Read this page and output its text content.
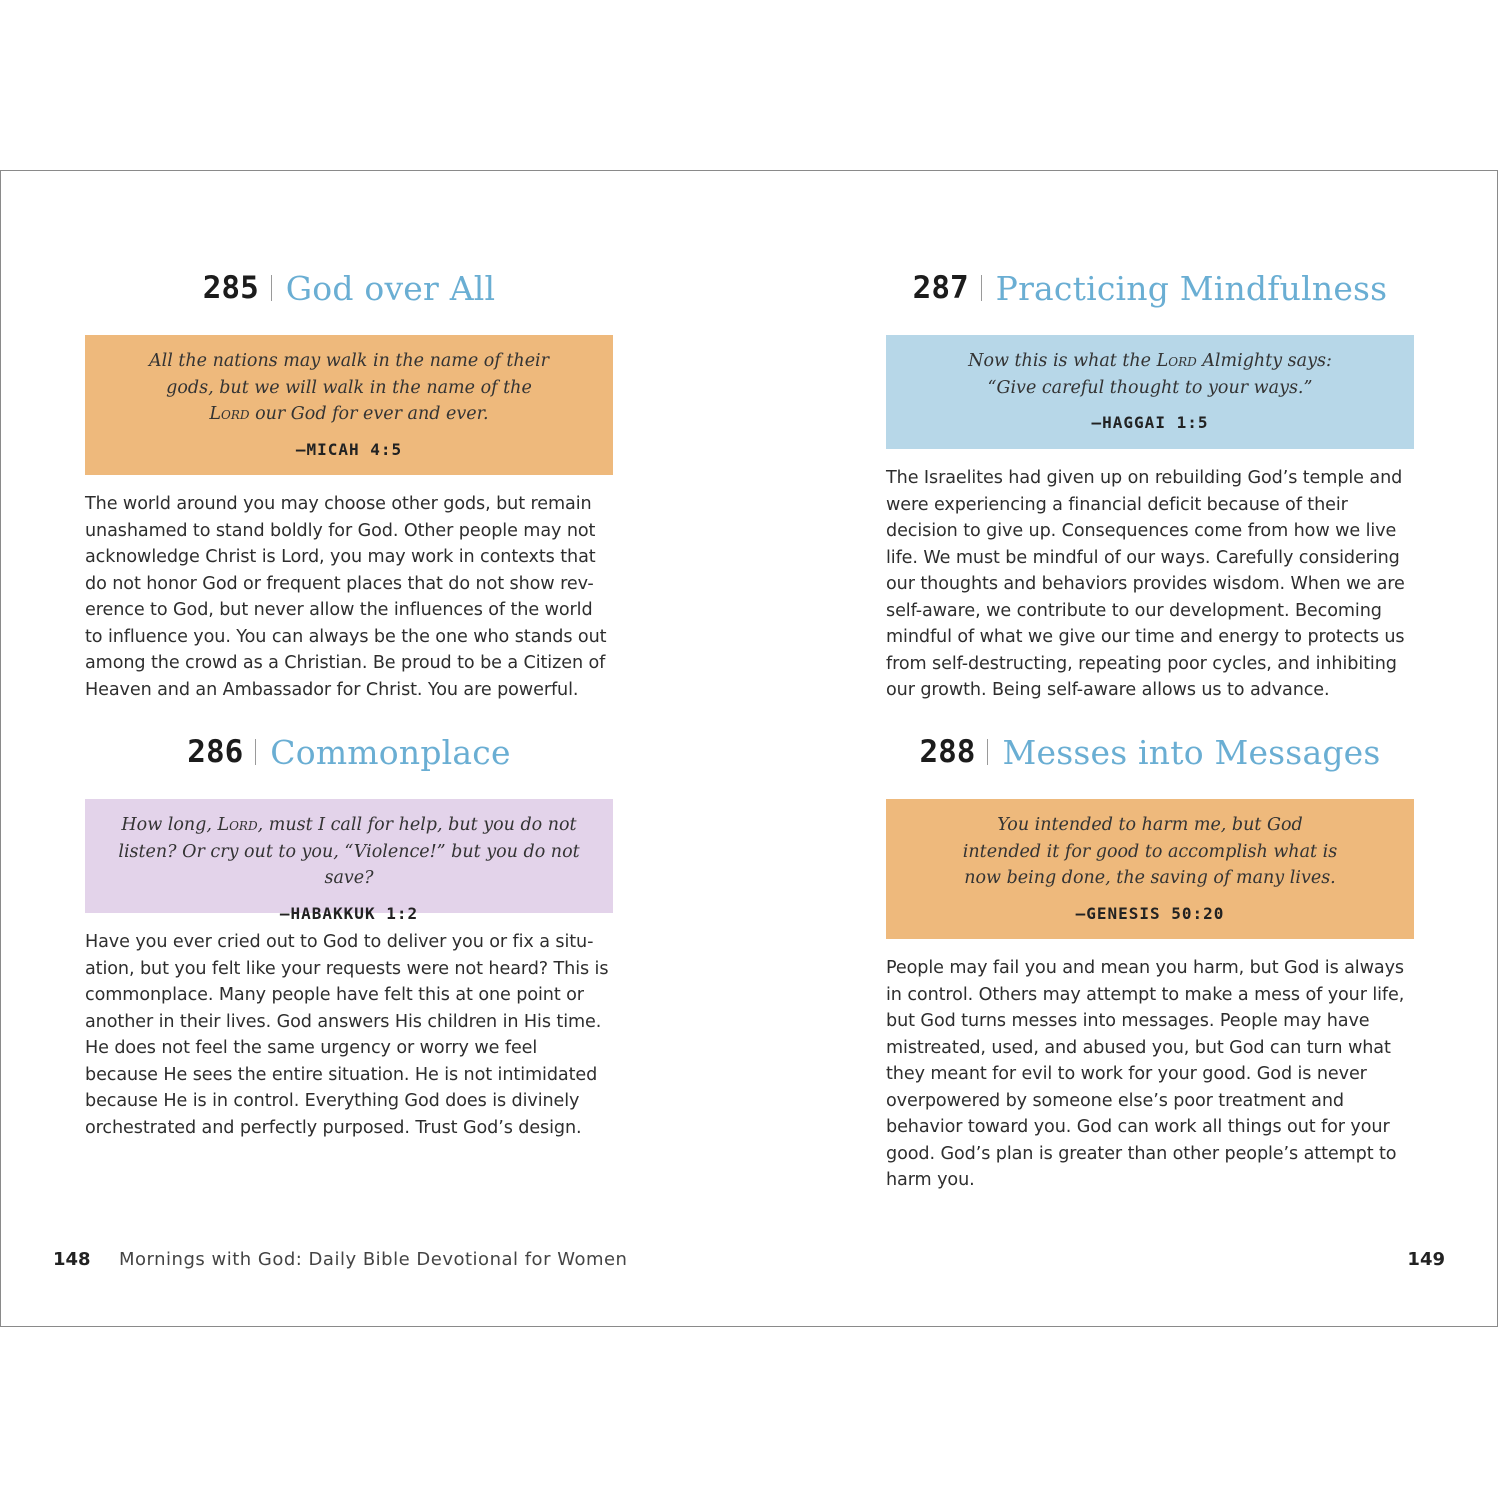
285 God over All
All the nations may walk in the name of their gods, but we will walk in the name of the Lord our God for ever and ever.
—MICAH 4:5
The world around you may choose other gods, but remain unashamed to stand boldly for God. Other people may not acknowledge Christ is Lord, you may work in contexts that do not honor God or frequent places that do not show rev-erence to God, but never allow the influences of the world to influence you. You can always be the one who stands out among the crowd as a Christian. Be proud to be a Citizen of Heaven and an Ambassador for Christ. You are powerful.
286 Commonplace
How long, Lord, must I call for help, but you do not listen? Or cry out to you, “Violence!” but you do not save?
—HABAKKUK 1:2
Have you ever cried out to God to deliver you or fix a situ-ation, but you felt like your requests were not heard? This is commonplace. Many people have felt this at one point or another in their lives. God answers His children in His time. He does not feel the same urgency or worry we feel because He sees the entire situation. He is not intimidated because He is in control. Everything God does is divinely orchestrated and perfectly purposed. Trust God’s design.
287 Practicing Mindfulness
Now this is what the Lord Almighty says: “Give careful thought to your ways.”
—HAGGAI 1:5
The Israelites had given up on rebuilding God’s temple and were experiencing a financial deficit because of their decision to give up. Consequences come from how we live life. We must be mindful of our ways. Carefully considering our thoughts and behaviors provides wisdom. When we are self-aware, we contribute to our development. Becoming mindful of what we give our time and energy to protects us from self-destructing, repeating poor cycles, and inhibiting our growth. Being self-aware allows us to advance.
288 Messes into Messages
You intended to harm me, but God intended it for good to accomplish what is now being done, the saving of many lives.
—GENESIS 50:20
People may fail you and mean you harm, but God is always in control. Others may attempt to make a mess of your life, but God turns messes into messages. People may have mistreated, used, and abused you, but God can turn what they meant for evil to work for your good. God is never overpowered by someone else’s poor treatment and behavior toward you. God can work all things out for your good. God’s plan is greater than other people’s attempt to harm you.
148 Mornings with God: Daily Bible Devotional for Women	149
